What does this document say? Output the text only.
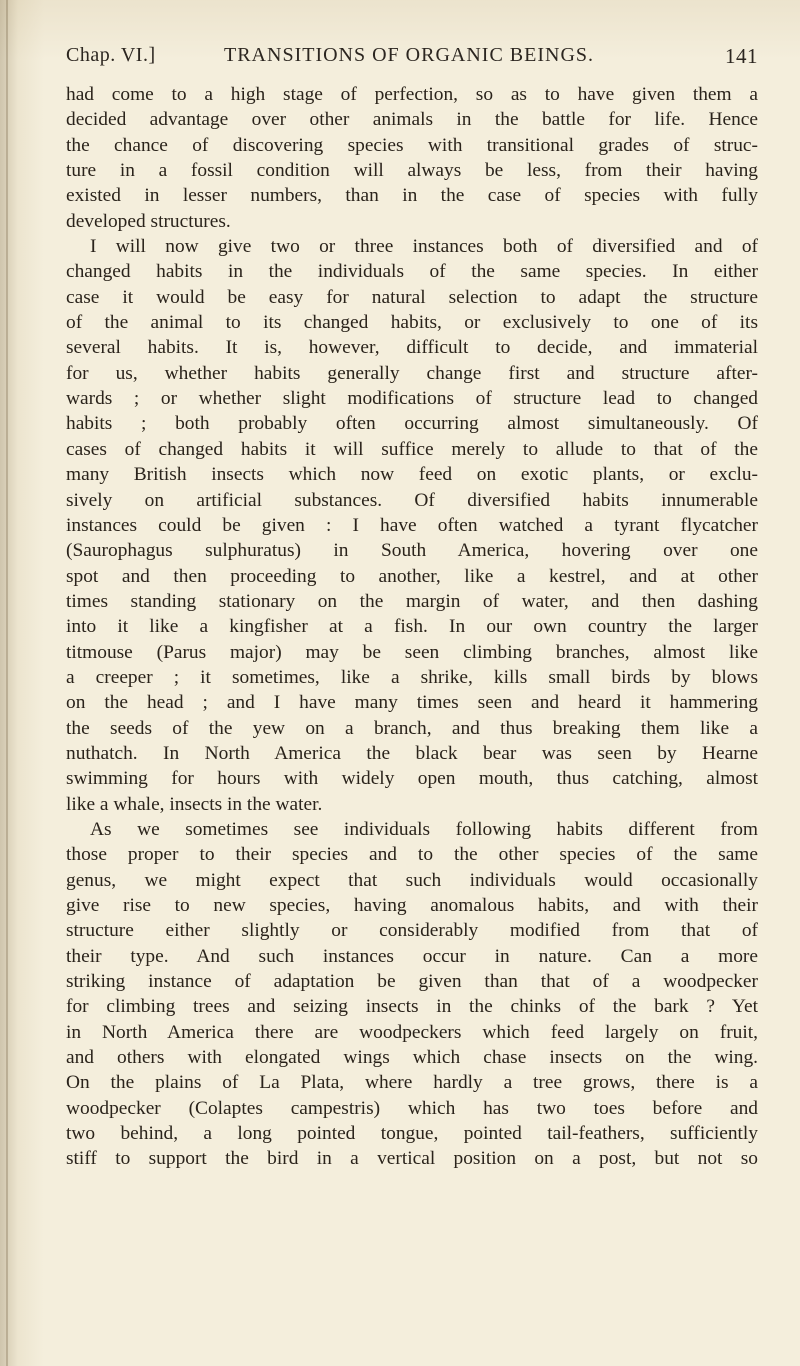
Chap. VI.]	TRANSITIONS OF ORGANIC BEINGS.	141
had come to a high stage of perfection, so as to have given them a
decided advantage over other animals in the battle for life. Hence
the chance of discovering species with transitional grades of struc-
ture in a fossil condition will always be less, from their having
existed in lesser numbers, than in the case of species with fully
developed structures.
I will now give two or three instances both of diversified and of
changed habits in the individuals of the same species. In either
case it would be easy for natural selection to adapt the structure
of the animal to its changed habits, or exclusively to one of its
several habits. It is, however, difficult to decide, and immaterial
for us, whether habits generally change first and structure after-
wards ; or whether slight modifications of structure lead to changed
habits ; both probably often occurring almost simultaneously. Of
cases of changed habits it will suffice merely to allude to that of the
many British insects which now feed on exotic plants, or exclu-
sively on artificial substances. Of diversified habits innumerable
instances could be given : I have often watched a tyrant flycatcher
(Saurophagus sulphuratus) in South America, hovering over one
spot and then proceeding to another, like a kestrel, and at other
times standing stationary on the margin of water, and then dashing
into it like a kingfisher at a fish. In our own country the larger
titmouse (Parus major) may be seen climbing branches, almost like
a creeper ; it sometimes, like a shrike, kills small birds by blows
on the head ; and I have many times seen and heard it hammering
the seeds of the yew on a branch, and thus breaking them like a
nuthatch. In North America the black bear was seen by Hearne
swimming for hours with widely open mouth, thus catching, almost
like a whale, insects in the water.
As we sometimes see individuals following habits different from
those proper to their species and to the other species of the same
genus, we might expect that such individuals would occasionally
give rise to new species, having anomalous habits, and with their
structure either slightly or considerably modified from that of
their type. And such instances occur in nature. Can a more
striking instance of adaptation be given than that of a woodpecker
for climbing trees and seizing insects in the chinks of the bark ? Yet
in North America there are woodpeckers which feed largely on fruit,
and others with elongated wings which chase insects on the wing.
On the plains of La Plata, where hardly a tree grows, there is a
woodpecker (Colaptes campestris) which has two toes before and
two behind, a long pointed tongue, pointed tail-feathers, sufficiently
stiff to support the bird in a vertical position on a post, but not so
